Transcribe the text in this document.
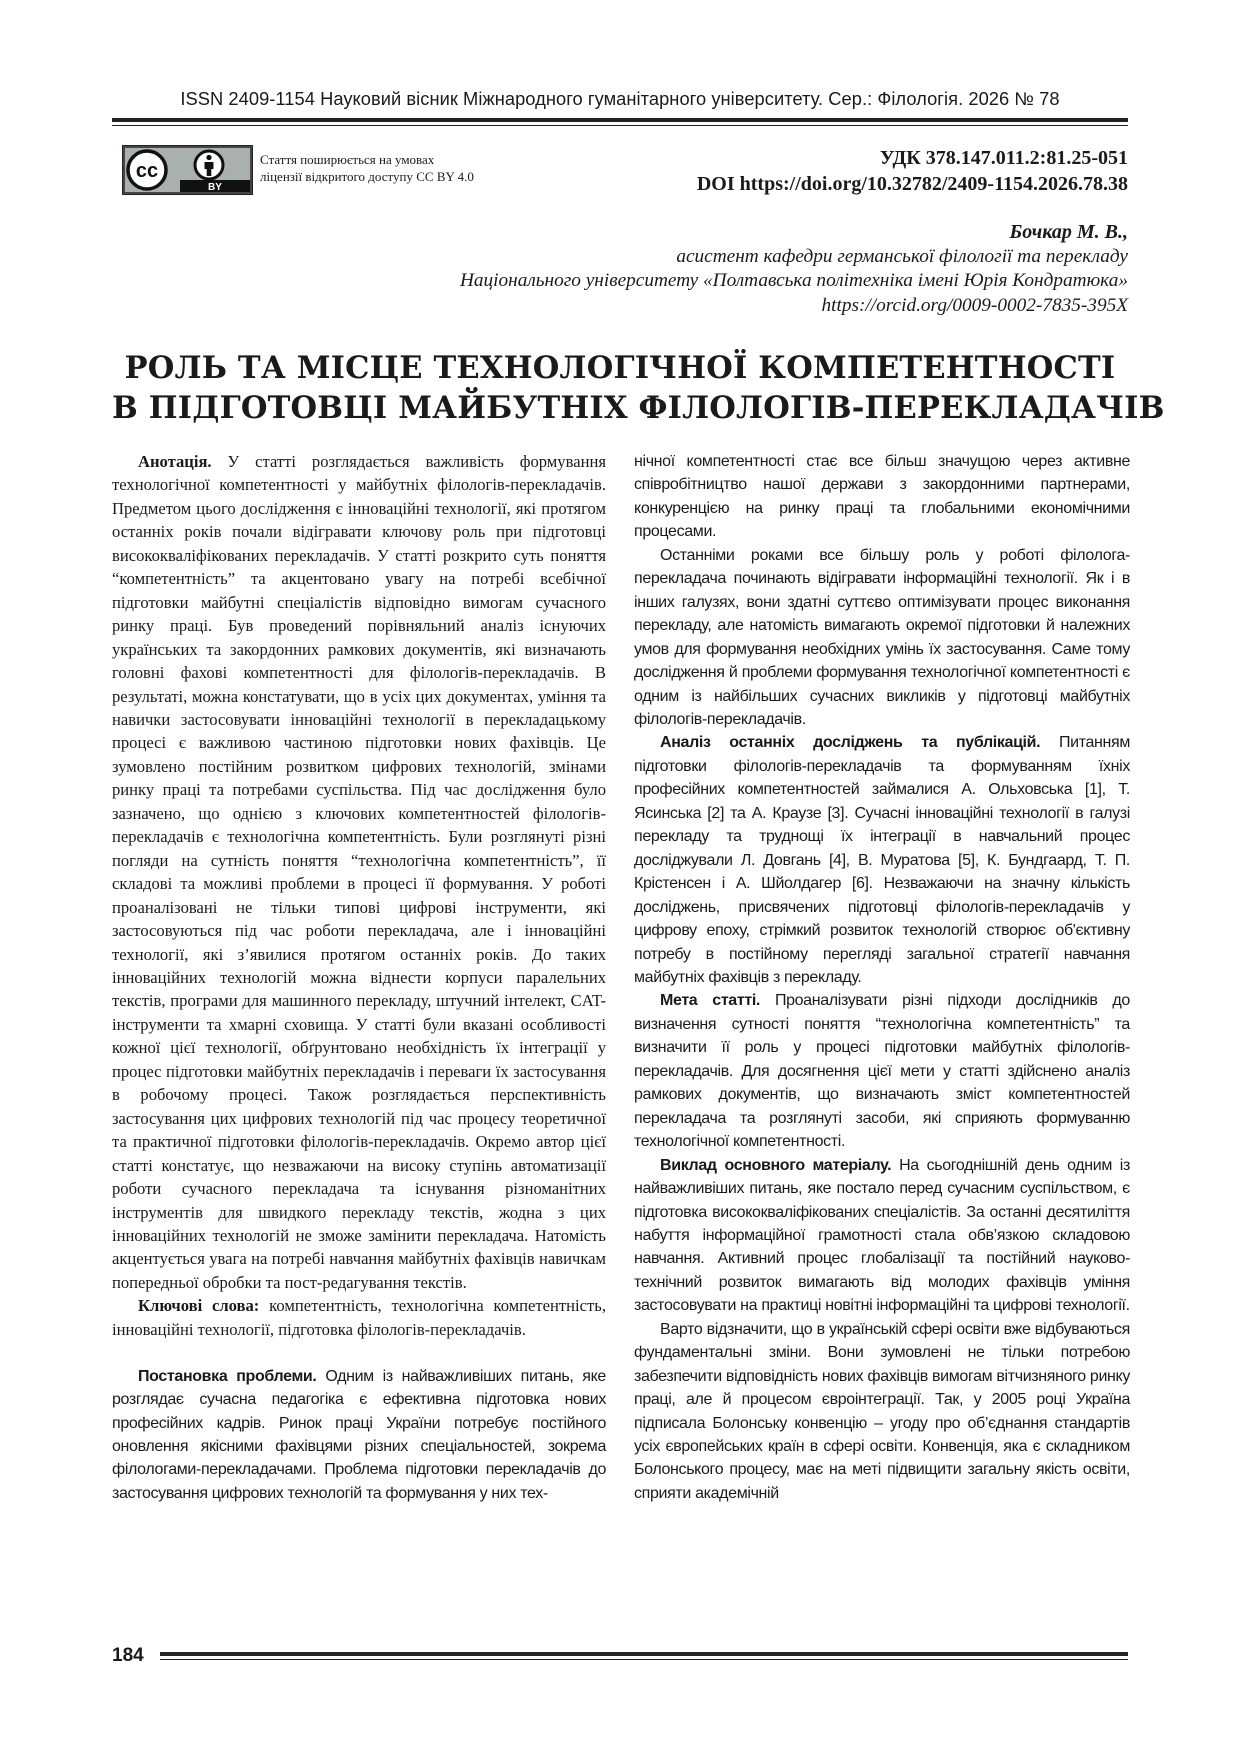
ISSN 2409-1154 Науковий вісник Міжнародного гуманітарного університету. Сер.: Філологія. 2026 № 78
cc
BY
Стаття поширюється на умовах
ліцензії відкритого доступу CC BY 4.0
УДК 378.147.011.2:81.25-051
DOI https://doi.org/10.32782/2409-1154.2026.78.38
Бочкар М. В.,
асистент кафедри германської філології та перекладу
Національного університету «Полтавська політехніка імені Юрія Кондратюка»
https://orcid.org/0009-0002-7835-395X
РОЛЬ ТА МІСЦЕ ТЕХНОЛОГІЧНОЇ КОМПЕТЕНТНОСТІ
В ПІДГОТОВЦІ МАЙБУТНІХ ФІЛОЛОГІВ-ПЕРЕКЛАДАЧІВ

Анотація. У статті розглядається важливість формування технологічної компетентності у майбутніх філологів-перекладачів. Предметом цього дослідження є інноваційні технології, які протягом останніх років почали відігравати ключову роль при підготовці висококваліфікованих перекладачів. У статті розкрито суть поняття “компетентність” та акцентовано увагу на потребі всебічної підготовки майбутні спеціалістів відповідно вимогам сучасного ринку праці. Був проведений порівняльний аналіз існуючих українських та закордонних рамкових документів, які визначають головні фахові компетентності для філологів-перекладачів. В результаті, можна констатувати, що в усіх цих документах, уміння та навички застосовувати інноваційні технології в перекладацькому процесі є важливою частиною підготовки нових фахівців. Це зумовлено постійним розвитком цифрових технологій, змінами ринку праці та потребами суспільства. Під час дослідження було зазначено, що однією з ключових компетентностей філологів-перекладачів є технологічна компетентність. Були розглянуті різні погляди на сутність поняття “технологічна компетентність”, її складові та можливі проблеми в процесі її формування. У роботі проаналізовані не тільки типові цифрові інструменти, які застосовуються під час роботи перекладача, але і інноваційні технології, які з’явилися протягом останніх років. До таких інноваційних технологій можна віднести корпуси паралельних текстів, програми для машинного перекладу, штучний інтелект, CAT-інструменти та хмарні сховища. У статті були вказані особливості кожної цієї технології, обґрунтовано необхідність їх інтеграції у процес підготовки майбутніх перекладачів і переваги їх застосування в робочому процесі. Також розглядається перспективність застосування цих цифрових технологій під час процесу теоретичної та практичної підготовки філологів-перекладачів. Окремо автор цієї статті констатує, що незважаючи на високу ступінь автоматизації роботи сучасного перекладача та існування різноманітних інструментів для швидкого перекладу текстів, жодна з цих інноваційних технологій не зможе замінити перекладача. Натомість акцентується увага на потребі навчання майбутніх фахівців навичкам попередньої обробки та пост-редагування текстів.

Ключові слова: компетентність, технологічна компетентність, інноваційні технології, підготовка філологів-перекладачів.

Постановка проблеми. Одним із найважливіших питань, яке розглядає сучасна педагогіка є ефективна підготовка нових професійних кадрів. Ринок праці України потребує постійного оновлення якісними фахівцями різних спеціальностей, зокрема філологами-перекладачами. Проблема підготовки перекладачів до застосування цифрових технологій та формування у них тех-

нічної компетентності стає все більш значущою через активне співробітництво нашої держави з закордонними партнерами, конкуренцією на ринку праці та глобальними економічними процесами.

Останніми роками все більшу роль у роботі філолога-перекладача починають відігравати інформаційні технології. Як і в інших галузях, вони здатні суттєво оптимізувати процес виконання перекладу, але натомість вимагають окремої підготовки й належних умов для формування необхідних умінь їх застосування. Саме тому дослідження й проблеми формування технологічної компетентності є одним із найбільших сучасних викликів у підготовці майбутніх філологів-перекладачів.

Аналіз останніх досліджень та публікацій. Питанням підготовки філологів-перекладачів та формуванням їхніх професійних компетентностей займалися А. Ольховська [1], Т. Ясинська [2] та А. Краузе [3]. Сучасні інноваційні технології в галузі перекладу та труднощі їх інтеграції в навчальний процес досліджували Л. Довгань [4], В. Муратова [5], К. Бундгаард, Т. П. Крістенсен і А. Шйолдагер [6]. Незважаючи на значну кількість досліджень, присвячених підготовці філологів-перекладачів у цифрову епоху, стрімкий розвиток технологій створює об'єктивну потребу в постійному перегляді загальної стратегії навчання майбутніх фахівців з перекладу.

Мета статті. Проаналізувати різні підходи дослідників до визначення сутності поняття “технологічна компетентність” та визначити її роль у процесі підготовки майбутніх філологів-перекладачів. Для досягнення цієї мети у статті здійснено аналіз рамкових документів, що визначають зміст компетентностей перекладача та розглянуті засоби, які сприяють формуванню технологічної компетентності.

Виклад основного матеріалу. На сьогоднішній день одним із найважливіших питань, яке постало перед сучасним суспільством, є підготовка висококваліфікованих спеціалістів. За останні десятиліття набуття інформаційної грамотності стала обв’язкою складовою навчання. Активний процес глобалізації та постійний науково-технічний розвиток вимагають від молодих фахівців уміння застосовувати на практиці новітні інформаційні та цифрові технології.

Варто відзначити, що в українській сфері освіти вже відбуваються фундаментальні зміни. Вони зумовлені не тільки потребою забезпечити відповідність нових фахівців вимогам вітчизняного ринку праці, але й процесом євроінтеграції. Так, у 2005 році Україна підписала Болонську конвенцію – угоду про об’єднання стандартів усіх європейських країн в сфері освіти. Конвенція, яка є складником Болонського процесу, має на меті підвищити загальну якість освіти, сприяти академічній

184
